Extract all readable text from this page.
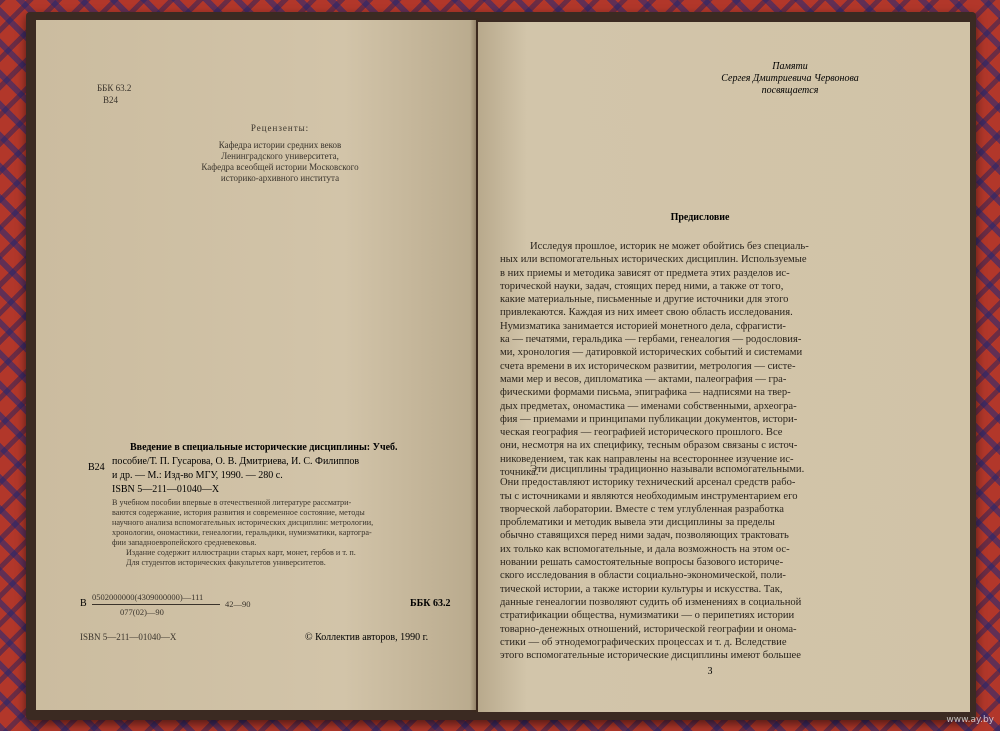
ББК 63.2
В24
Рецензенты:
Кафедра истории средних веков
Ленинградского университета,
Кафедра всеобщей истории Московского
историко-архивного института
В24
Введение в специальные исторические дисциплины: Учеб.
пособие/Т. П. Гусарова, О. В. Дмитриева, И. С. Филиппов
и др. — М.: Изд-во МГУ, 1990. — 280 с.
ISBN 5—211—01040—X
В учебном пособии впервые в отечественной литературе рассматри-
ваются содержание, история развития и современное состояние, методы
научного анализа вспомогательных исторических дисциплин: метрологии,
хронологии, ономастики, генеалогии, геральдики, нумизматики, картогра-
фии западноевропейского средневековья.
Издание содержит иллюстрации старых карт, монет, гербов и т. п.
Для студентов исторических факультетов университетов.
В
0502000000(4309000000)—111
077(02)—90
42—90	ББК 63.2
ISBN 5—211—01040—X	© Коллектив авторов, 1990 г.
Памяти
Сергея Дмитриевича Червонова
посвящается
Предисловие
Исследуя прошлое, историк не может обойтись без специаль-
ных или вспомогательных исторических дисциплин. Используемые
в них приемы и методика зависят от предмета этих разделов ис-
торической науки, задач, стоящих перед ними, а также от того,
какие материальные, письменные и другие источники для этого
привлекаются. Каждая из них имеет свою область исследования.
Нумизматика занимается историей монетного дела, сфрагисти-
ка — печатями, геральдика — гербами, генеалогия — родословия-
ми, хронология — датировкой исторических событий и системами
счета времени в их историческом развитии, метрология — систе-
мами мер и весов, дипломатика — актами, палеография — гра-
фическими формами письма, эпиграфика — надписями на твер-
дых предметах, ономастика — именами собственными, археогра-
фия — приемами и принципами публикации документов, истори-
ческая география — географией исторического прошлого. Все
они, несмотря на их специфику, тесным образом связаны с источ-
никоведением, так как направлены на всестороннее изучение ис-
точника.
Эти дисциплины традиционно называли вспомогательными.
Они предоставляют историку технический арсенал средств рабо-
ты с источниками и являются необходимым инструментарием его
творческой лаборатории. Вместе с тем углубленная разработка
проблематики и методик вывела эти дисциплины за пределы
обычно ставящихся перед ними задач, позволяющих трактовать
их только как вспомогательные, и дала возможность на этом ос-
новании решать самостоятельные вопросы базового историче-
ского исследования в области социально-экономической, поли-
тической истории, а также истории культуры и искусства. Так,
данные генеалогии позволяют судить об изменениях в социальной
стратификации общества, нумизматики — о перипетиях истории
товарно-денежных отношений, исторической географии и онома-
стики — об этнодемографических процессах и т. д. Вследствие
этого вспомогательные исторические дисциплины имеют большее
3
www.ay.by
